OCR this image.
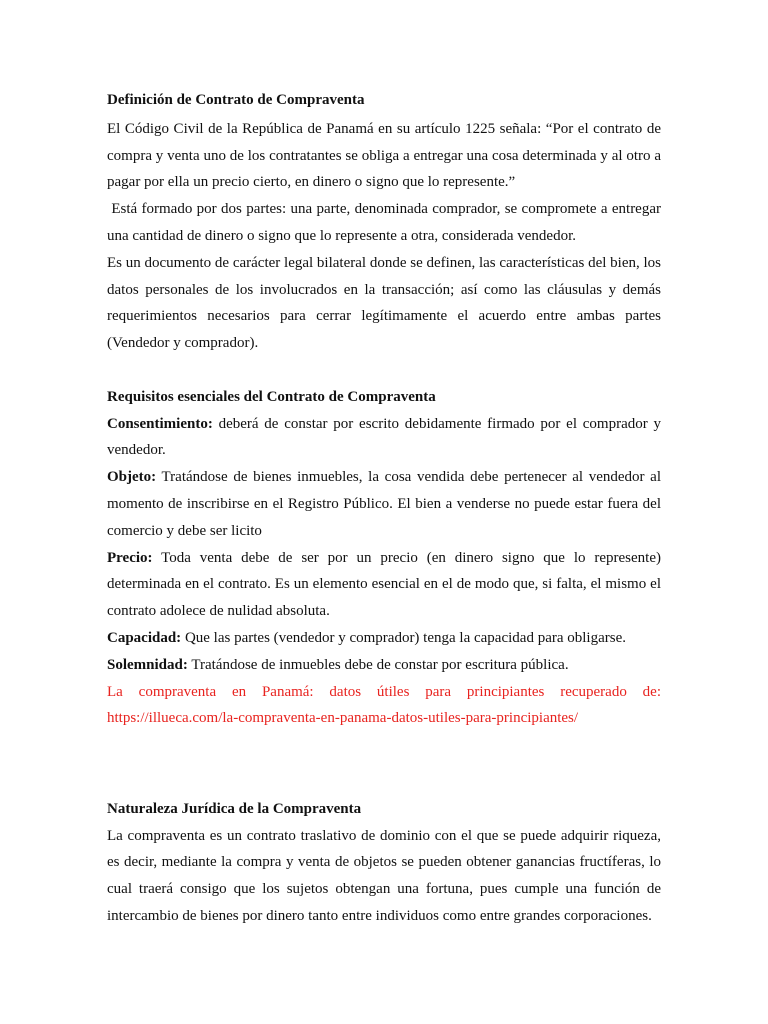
Definición de Contrato de Compraventa

El Código Civil de la República de Panamá en su artículo 1225 señala: “Por el contrato de compra y venta uno de los contratantes se obliga a entregar una cosa determinada y al otro a pagar por ella un precio cierto, en dinero o signo que lo represente.”

Está formado por dos partes: una parte, denominada comprador, se compromete a entregar una cantidad de dinero o signo que lo represente a otra, considerada vendedor.

Es un documento de carácter legal bilateral donde se definen, las características del bien, los datos personales de los involucrados en la transacción; así como las cláusulas y demás requerimientos necesarios para cerrar legítimamente el acuerdo entre ambas partes (Vendedor y comprador).

Requisitos esenciales del Contrato de Compraventa

Consentimiento: deberá de constar por escrito debidamente firmado por el comprador y vendedor.

Objeto: Tratándose de bienes inmuebles, la cosa vendida debe pertenecer al vendedor al momento de inscribirse en el Registro Público. El bien a venderse no puede estar fuera del comercio y debe ser licito

Precio: Toda venta debe de ser por un precio (en dinero signo que lo represente) determinada en el contrato. Es un elemento esencial en el de modo que, si falta, el mismo el contrato adolece de nulidad absoluta.

Capacidad: Que las partes (vendedor y comprador) tenga la capacidad para obligarse.

Solemnidad: Tratándose de inmuebles debe de constar por escritura pública.

La compraventa en Panamá: datos útiles para principiantes recuperado de: https://illueca.com/la-compraventa-en-panama-datos-utiles-para-principiantes/

Naturaleza Jurídica de la Compraventa

La compraventa es un contrato traslativo de dominio con el que se puede adquirir riqueza, es decir, mediante la compra y venta de objetos se pueden obtener ganancias fructíferas, lo cual traerá consigo que los sujetos obtengan una fortuna, pues cumple una función de intercambio de bienes por dinero tanto entre individuos como entre grandes corporaciones.
